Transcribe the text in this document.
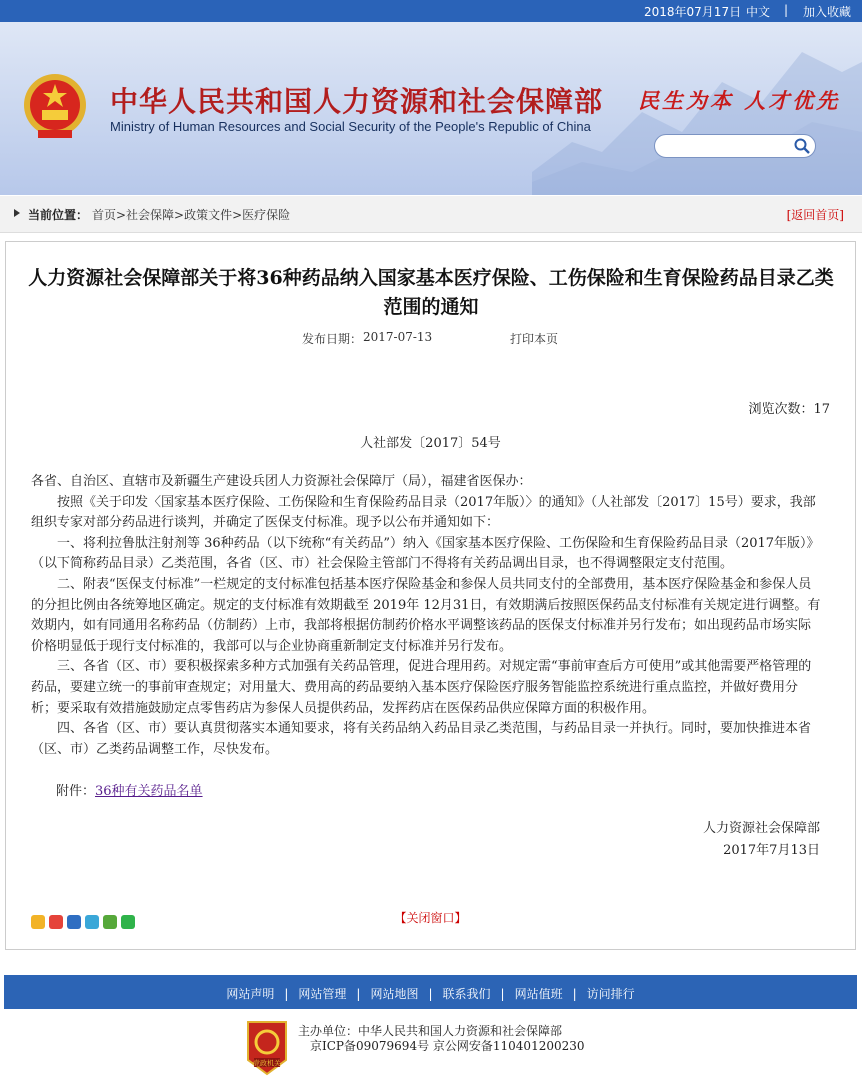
2018年07月17日 中文 | 加入收藏
中华人民共和国人力资源和社会保障部
Ministry of Human Resources and Social Security of the People's Republic of China
民生为本 人才优先
当前位置： 首页>社会保障>政策文件>医疗保险	[返回首页]
人力资源社会保障部关于将36种药品纳入国家基本医疗保险、工伤保险和生育保险药品目录乙类范围的通知
发布日期： 2017-07-13	打印本页
浏览次数：17
人社部发〔2017〕54号

各省、自治区、直辖市及新疆生产建设兵团人力资源社会保障厅（局），福建省医保办：

按照《关于印发〈国家基本医疗保险、工伤保险和生育保险药品目录（2017年版）〉的通知》（人社部发〔2017〕15号）要求，我部组织专家对部分药品进行谈判，并确定了医保支付标准。现予以公布并通知如下：

一、将利拉鲁肽注射剂等 36种药品（以下统称“有关药品”）纳入《国家基本医疗保险、工伤保险和生育保险药品目录（2017年版）》（以下简称药品目录）乙类范围，各省（区、市）社会保险主管部门不得将有关药品调出目录，也不得调整限定支付范围。

二、附表“医保支付标准”一栏规定的支付标准包括基本医疗保险基金和参保人员共同支付的全部费用，基本医疗保险基金和参保人员的分担比例由各统筹地区确定。规定的支付标准有效期截至 2019年 12月31日，有效期满后按照医保药品支付标准有关规定进行调整。有效期内，如有同通用名称药品（仿制药）上市，我部将根据仿制药价格水平调整该药品的医保支付标准并另行发布；如出现药品市场实际价格明显低于现行支付标准的，我部可以与企业协商重新制定支付标准并另行发布。

三、各省（区、市）要积极探索多种方式加强有关药品管理，促进合理用药。对规定需“事前审查后方可使用”或其他需要严格管理的药品，要建立统一的事前审查规定；对用量大、费用高的药品要纳入基本医疗保险医疗服务智能监控系统进行重点监控，并做好费用分析；要采取有效措施鼓励定点零售药店为参保人员提供药品，发挥药店在医保药品供应保障方面的积极作用。

四、各省（区、市）要认真贯彻落实本通知要求，将有关药品纳入药品目录乙类范围，与药品目录一并执行。同时，要加快推进本省（区、市）乙类药品调整工作，尽快发布。

附件：36种有关药品名单
人力资源社会保障部
2017年7月13日
【关闭窗口】
网站声明 | 网站管理 | 网站地图 | 联系我们 | 网站值班 | 访问排行
党政机关
主办单位：中华人民共和国人力资源和社会保障部
京ICP备09079694号 京公网安备110401200230
